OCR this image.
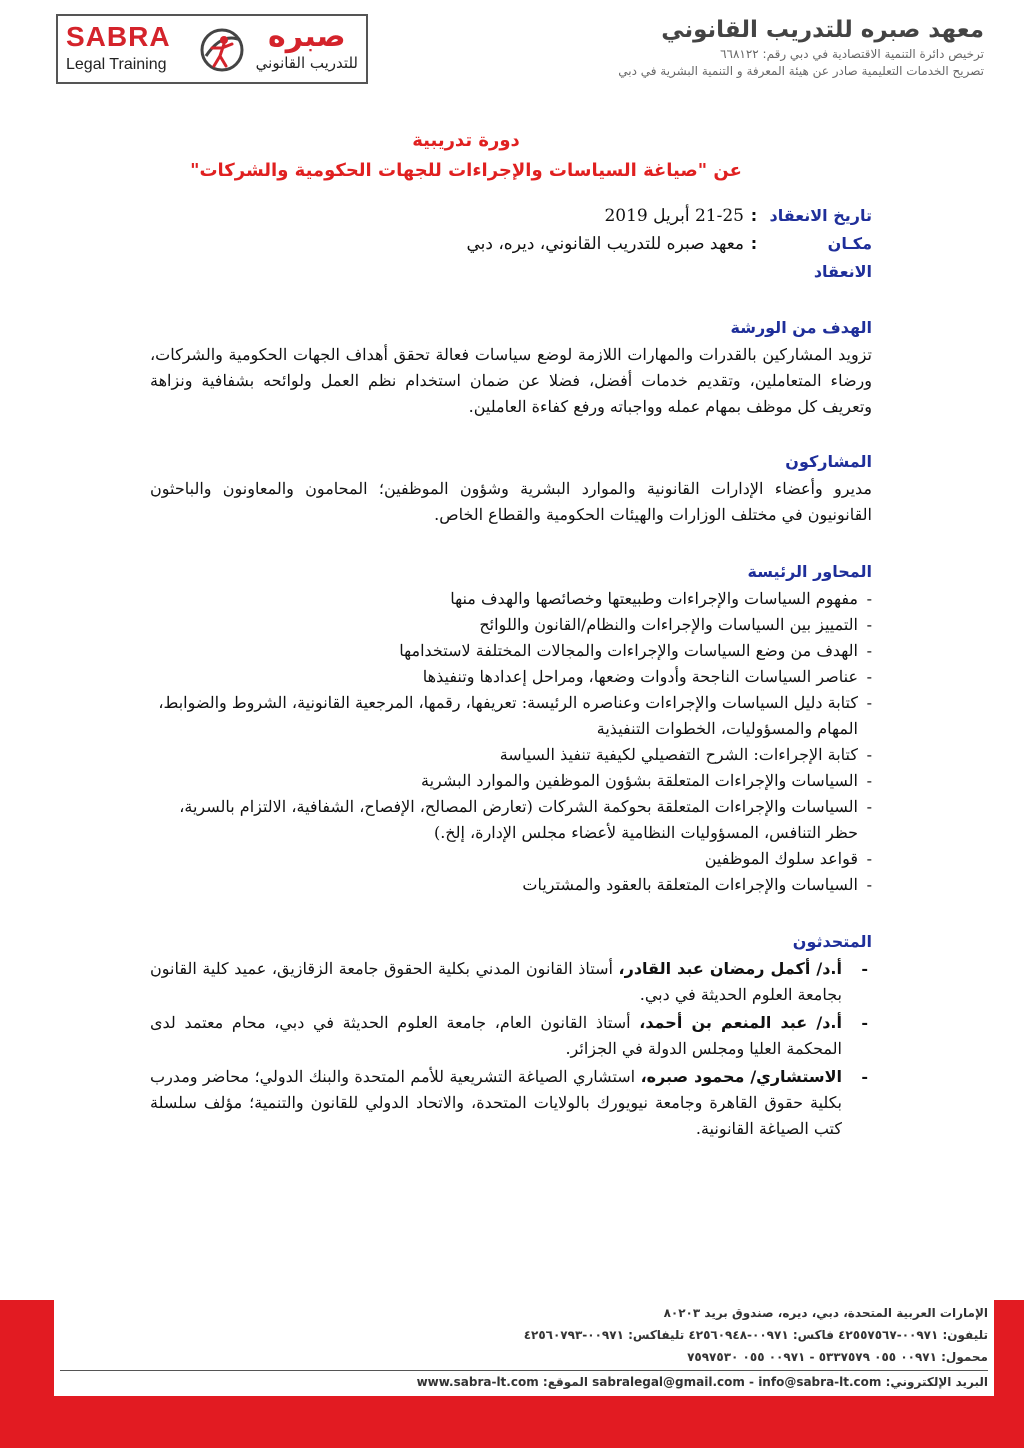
SABRA
Legal Training
صبره
للتدريب القانوني
معهد صبره للتدريب القانوني
ترخيص دائرة التنمية الاقتصادية في دبي رقم: ٦٦٨١٢٢
تصريح الخدمات التعليمية صادر عن هيئة المعرفة و التنمية البشرية في دبي
دورة تدريبية
عن "صياغة السياسات والإجراءات للجهات الحكومية والشركات"
تاريخ الانعقاد
:
21-25 أبريل 2019
مكـان الانعقاد
:
معهد صبره للتدريب القانوني، ديره، دبي
الهدف من الورشة

تزويد المشاركين بالقدرات والمهارات اللازمة لوضع سياسات فعالة تحقق أهداف الجهات الحكومية والشركات، ورضاء المتعاملين، وتقديم خدمات أفضل، فضلا عن ضمان استخدام نظم العمل ولوائحه بشفافية ونزاهة وتعريف كل موظف بمهام عمله وواجباته ورفع كفاءة العاملين.

المشاركون

مديرو وأعضاء الإدارات القانونية والموارد البشرية وشؤون الموظفين؛ المحامون والمعاونون والباحثون القانونيون في مختلف الوزارات والهيئات الحكومية والقطاع الخاص.

المحاور الرئيسة
- مفهوم السياسات والإجراءات وطبيعتها وخصائصها والهدف منها
- التمييز بين السياسات والإجراءات والنظام/القانون واللوائح
- الهدف من وضع السياسات والإجراءات والمجالات المختلفة لاستخدامها
- عناصر السياسات الناجحة وأدوات وضعها، ومراحل إعدادها وتنفيذها
- كتابة دليل السياسات والإجراءات وعناصره الرئيسة: تعريفها، رقمها، المرجعية القانونية، الشروط والضوابط، المهام والمسؤوليات، الخطوات التنفيذية
- كتابة الإجراءات: الشرح التفصيلي لكيفية تنفيذ السياسة
- السياسات والإجراءات المتعلقة بشؤون الموظفين والموارد البشرية
- السياسات والإجراءات المتعلقة بحوكمة الشركات (تعارض المصالح، الإفصاح، الشفافية، الالتزام بالسرية، حظر التنافس، المسؤوليات النظامية لأعضاء مجلس الإدارة، إلخ.)
- قواعد سلوك الموظفين
- السياسات والإجراءات المتعلقة بالعقود والمشتريات
المتحدثون
- أ.د/ أكمل رمضان عبد القادر، أستاذ القانون المدني بكلية الحقوق جامعة الزقازيق، عميد كلية القانون بجامعة العلوم الحديثة في دبي.
- أ.د/ عبد المنعم بن أحمد، أستاذ القانون العام، جامعة العلوم الحديثة في دبي، محام معتمد لدى المحكمة العليا ومجلس الدولة في الجزائر.
- الاستشاري/ محمود صبره، استشاري الصياغة التشريعية للأمم المتحدة والبنك الدولي؛ محاضر ومدرب بكلية حقوق القاهرة وجامعة نيويورك بالولايات المتحدة، والاتحاد الدولي للقانون والتنمية؛ مؤلف سلسلة كتب الصياغة القانونية.
الإمارات العربية المتحدة، دبي، ديره، صندوق بريد ٨٠٢٠٣
تليفون: ٠٠٩٧١-٤٢٥٥٧٥٦٧ فاكس: ٠٠٩٧١-٤٢٥٦٠٩٤٨ تليفاكس: ٠٠٩٧١-٤٢٥٦٠٧٩٣
محمول: ٠٠٩٧١ ٠٥٥ ٥٣٣٧٥٧٩ - ٠٠٩٧١ ٠٥٥ ٧٥٩٧٥٣٠
البريد الإلكتروني: sabralegal@gmail.com - info@sabra-lt.com الموقع: www.sabra-lt.com
